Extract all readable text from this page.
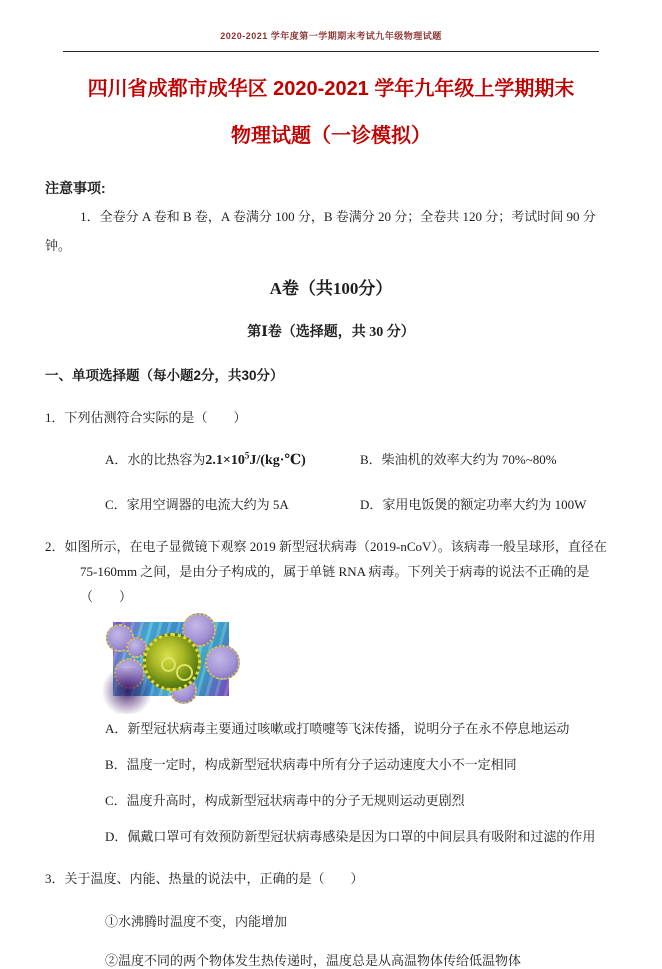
2020-2021 学年度第一学期期末考试九年级物理试题
四川省成都市成华区 2020-2021 学年九年级上学期期末
物理试题（一诊模拟）
注意事项:
1．全卷分 A 卷和 B 卷，A 卷满分 100 分，B 卷满分 20 分；全卷共 120 分；考试时间 90 分钟。
A卷（共100分）
第Ⅰ卷（选择题，共 30 分）
一、单项选择题（每小题2分，共30分）
1．下列估测符合实际的是（　　）
A．水的比热容为$2.1\times 10^5J/(kg\cdot℃)$	B．柴油机的效率大约为 70%~80%
C．家用空调器的电流大约为 5A	D．家用电饭煲的额定功率大约为 100W
2．如图所示，在电子显微镜下观察 2019 新型冠状病毒（2019-nCoV）。该病毒一般呈球形，直径在 75-160mm 之间，是由分子构成的，属于单链 RNA 病毒。下列关于病毒的说法不正确的是（　　）
A．新型冠状病毒主要通过咳嗽或打喷嚏等飞沫传播，说明分子在永不停息地运动
B．温度一定时，构成新型冠状病毒中所有分子运动速度大小不一定相同
C．温度升高时，构成新型冠状病毒中的分子无规则运动更剧烈
D．佩戴口罩可有效预防新型冠状病毒感染是因为口罩的中间层具有吸附和过滤的作用
3．关于温度、内能、热量的说法中，正确的是（　　）
①水沸腾时温度不变，内能增加
②温度不同的两个物体发生热传递时，温度总是从高温物体传给低温物体
